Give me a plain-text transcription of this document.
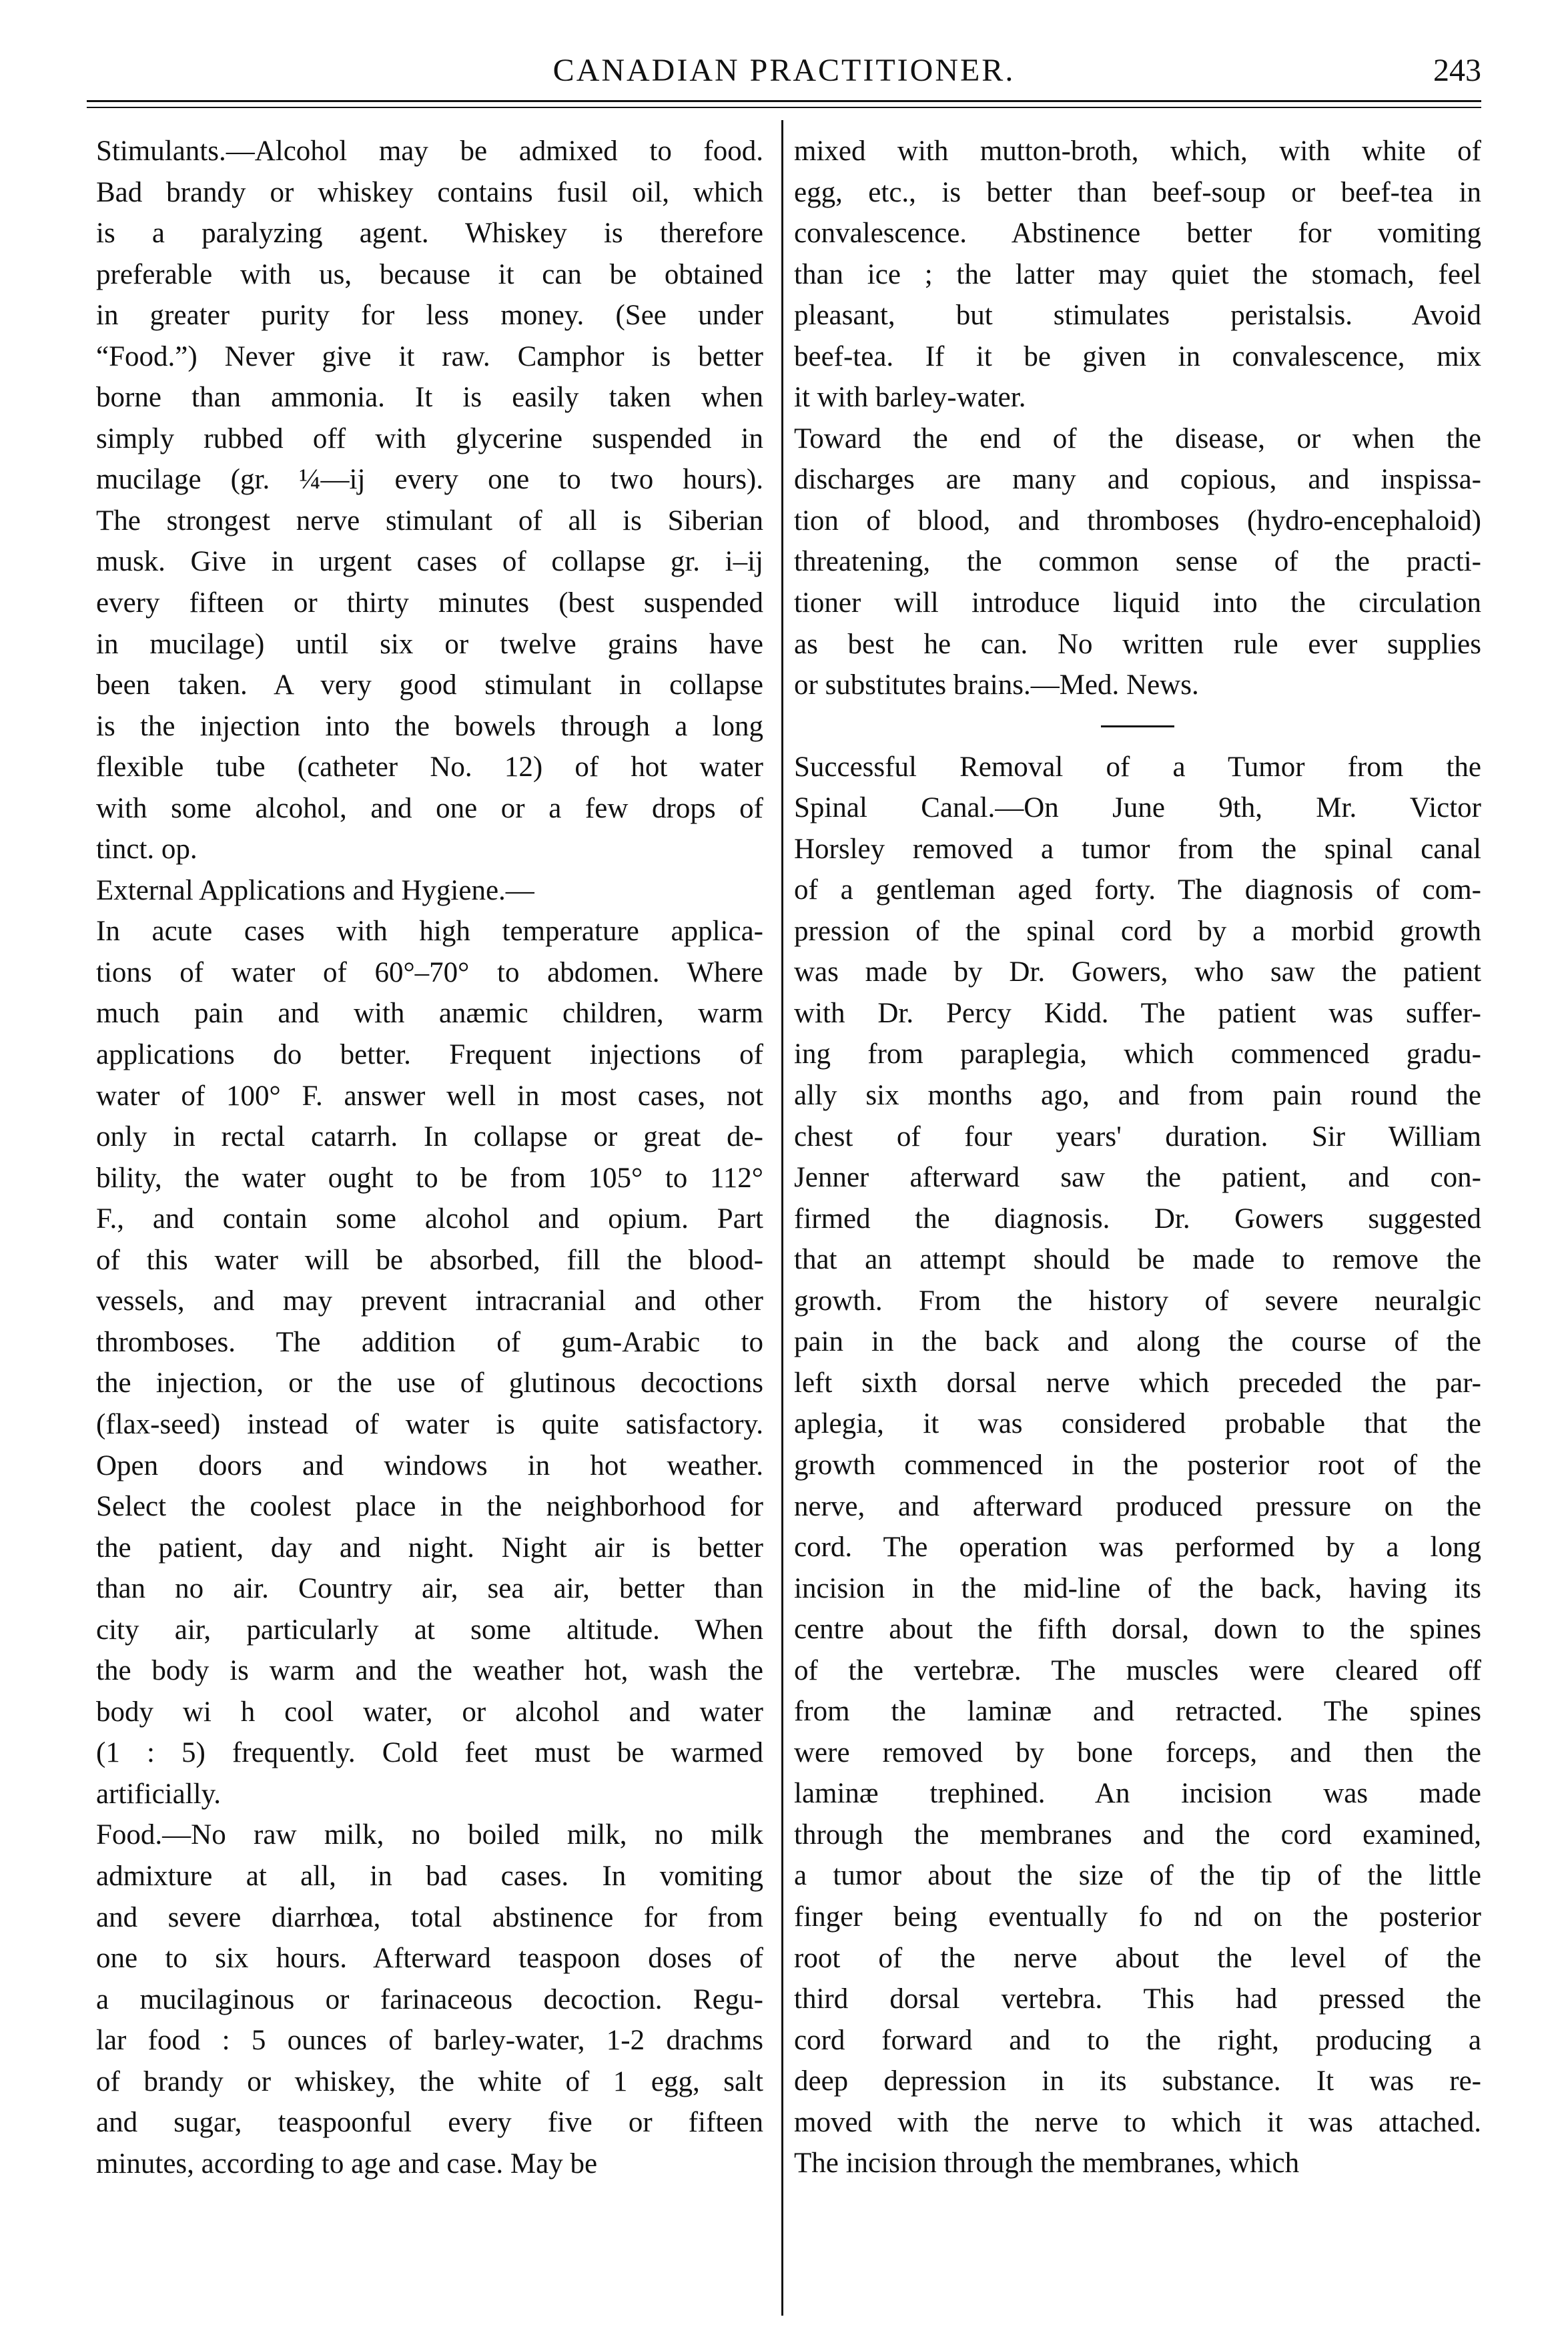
CANADIAN PRACTITIONER.	243
Stimulants.—Alcohol may be admixed to food.
Bad brandy or whiskey contains fusil oil, which
is a paralyzing agent. Whiskey is therefore
preferable with us, because it can be obtained
in greater purity for less money. (See under
“Food.”) Never give it raw. Camphor is better
borne than ammonia. It is easily taken when
simply rubbed off with glycerine suspended in
mucilage (gr. ¼—ij every one to two hours).
The strongest nerve stimulant of all is Siberian
musk. Give in urgent cases of collapse gr. i–ij
every fifteen or thirty minutes (best suspended
in mucilage) until six or twelve grains have
been taken. A very good stimulant in collapse
is the injection into the bowels through a long
flexible tube (catheter No. 12) of hot water
with some alcohol, and one or a few drops of
tinct. op.
External Applications and Hygiene.—
In acute cases with high temperature applica-
tions of water of 60°–70° to abdomen. Where
much pain and with anæmic children, warm
applications do better. Frequent injections of
water of 100° F. answer well in most cases, not
only in rectal catarrh. In collapse or great de-
bility, the water ought to be from 105° to 112°
F., and contain some alcohol and opium. Part
of this water will be absorbed, fill the blood-
vessels, and may prevent intracranial and other
thromboses. The addition of gum-Arabic to
the injection, or the use of glutinous decoctions
(flax-seed) instead of water is quite satisfactory.
Open doors and windows in hot weather.
Select the coolest place in the neighborhood for
the patient, day and night. Night air is better
than no air. Country air, sea air, better than
city air, particularly at some altitude. When
the body is warm and the weather hot, wash the
body wi h cool water, or alcohol and water
(1 : 5) frequently. Cold feet must be warmed
artificially.
Food.—No raw milk, no boiled milk, no milk
admixture at all, in bad cases. In vomiting
and severe diarrhœa, total abstinence for from
one to six hours. Afterward teaspoon doses of
a mucilaginous or farinaceous decoction. Regu-
lar food : 5 ounces of barley-water, 1-2 drachms
of brandy or whiskey, the white of 1 egg, salt
and sugar, teaspoonful every five or fifteen
minutes, according to age and case. May be
mixed with mutton-broth, which, with white of
egg, etc., is better than beef-soup or beef-tea in
convalescence. Abstinence better for vomiting
than ice ; the latter may quiet the stomach, feel
pleasant, but stimulates peristalsis. Avoid
beef-tea. If it be given in convalescence, mix
it with barley-water.
Toward the end of the disease, or when the
discharges are many and copious, and inspissa-
tion of blood, and thromboses (hydro-encephaloid)
threatening, the common sense of the practi-
tioner will introduce liquid into the circulation
as best he can. No written rule ever supplies
or substitutes brains.—Med. News.
Successful Removal of a Tumor from the
Spinal Canal.—On June 9th, Mr. Victor
Horsley removed a tumor from the spinal canal
of a gentleman aged forty. The diagnosis of com-
pression of the spinal cord by a morbid growth
was made by Dr. Gowers, who saw the patient
with Dr. Percy Kidd. The patient was suffer-
ing from paraplegia, which commenced gradu-
ally six months ago, and from pain round the
chest of four years' duration. Sir William
Jenner afterward saw the patient, and con-
firmed the diagnosis. Dr. Gowers suggested
that an attempt should be made to remove the
growth. From the history of severe neuralgic
pain in the back and along the course of the
left sixth dorsal nerve which preceded the par-
aplegia, it was considered probable that the
growth commenced in the posterior root of the
nerve, and afterward produced pressure on the
cord. The operation was performed by a long
incision in the mid-line of the back, having its
centre about the fifth dorsal, down to the spines
of the vertebræ. The muscles were cleared off
from the laminæ and retracted. The spines
were removed by bone forceps, and then the
laminæ trephined. An incision was made
through the membranes and the cord examined,
a tumor about the size of the tip of the little
finger being eventually fo nd on the posterior
root of the nerve about the level of the
third dorsal vertebra. This had pressed the
cord forward and to the right, producing a
deep depression in its substance. It was re-
moved with the nerve to which it was attached.
The incision through the membranes, which
